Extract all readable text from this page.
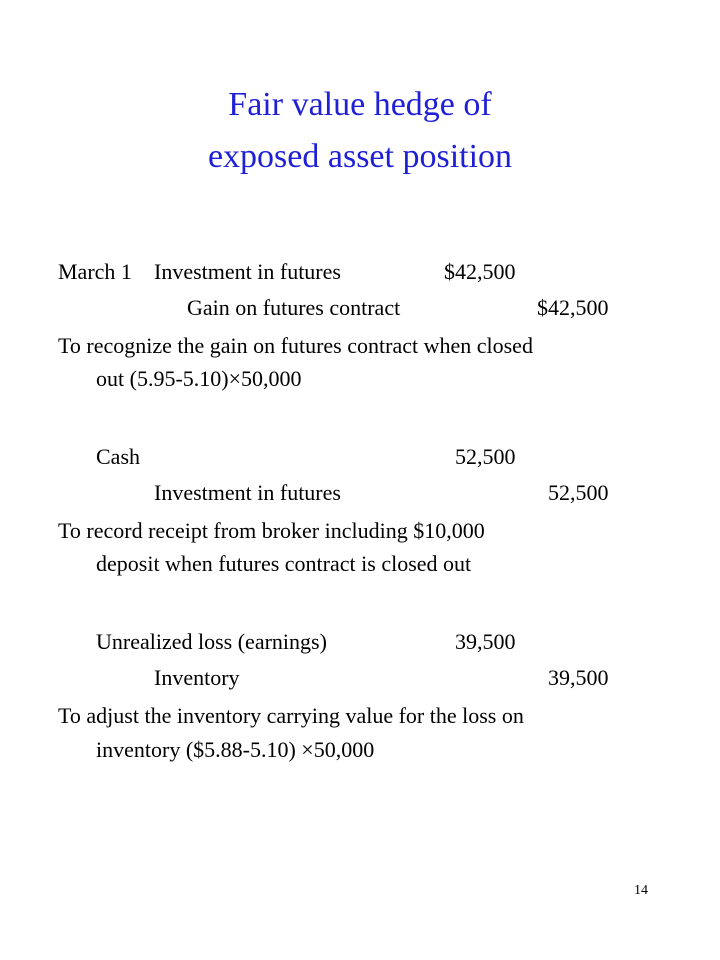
Fair value hedge of
exposed asset position
March 1 Investment in futures	$42,500
Gain on futures contract	$42,500
To recognize the gain on futures contract when closed
out (5.95-5.10)×50,000
Cash	52,500
Investment in futures	52,500
To record receipt from broker including $10,000
deposit when futures contract is closed out
Unrealized loss (earnings)	39,500
Inventory	39,500
To adjust the inventory carrying value for the loss on
inventory ($5.88-5.10) ×50,000
14
